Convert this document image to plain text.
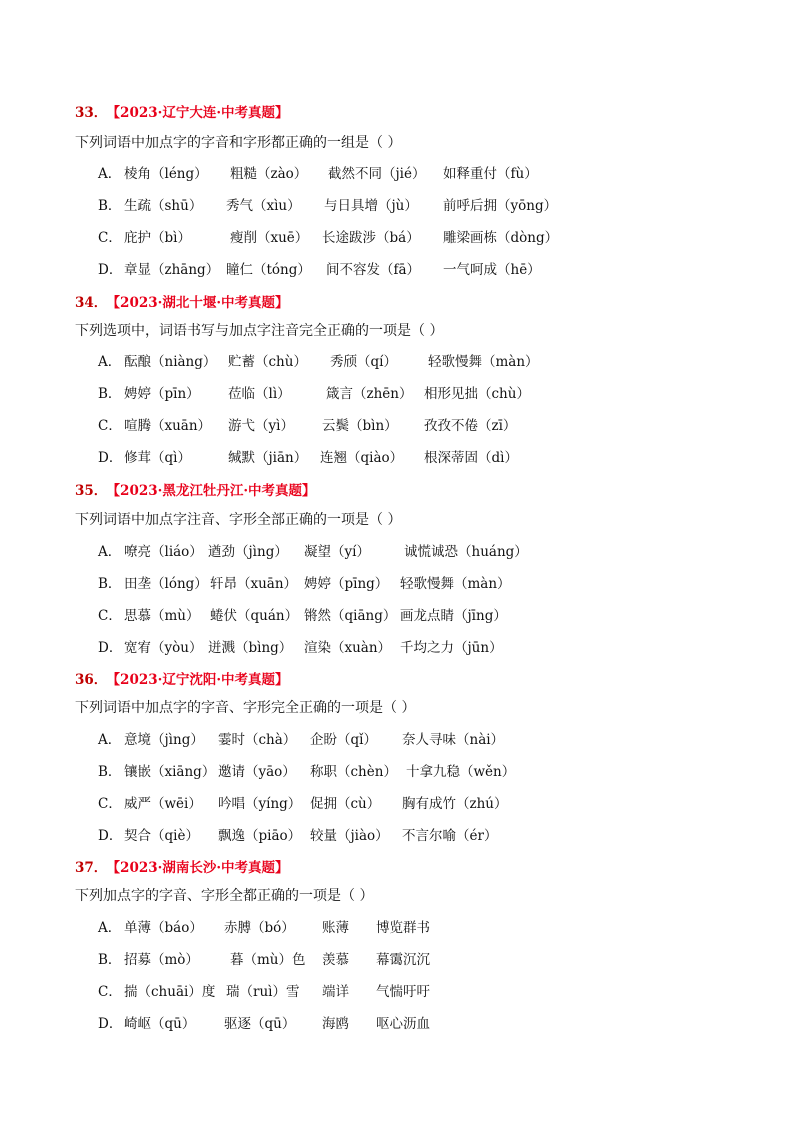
33． 【2023·辽宁大连·中考真题】
下列词语中加点字的字音和字形都正确的一组是（ ）
A． 棱角（léng） 粗糙（zào） 截然不同（jié） 如释重付（fù）
B． 生疏（shū） 秀气（xìu） 与日具增（jù） 前呼后拥（yōng）
C． 庇护（bì）	瘦削（xuē） 长途跋涉（bá） 雕梁画栋（dòng）
D． 章显（zhāng） 瞳仁（tóng） 间不容发（fā） 一气呵成（hē）
34． 【2023·湖北十堰·中考真题】
下列选项中，词语书写与加点字注音完全正确的一项是（ ）
A． 酝酿（niàng） 贮蓄（chù） 秀颀（qí） 轻歌慢舞（màn）
B． 娉婷（pīn） 莅临（lì）	箴言（zhēn） 相形见拙（chù）
C． 喧腾（xuān） 游弋（yì） 云鬓（bìn） 孜孜不倦（zī）
D． 修茸（qì）	缄默（jiān） 连翘（qiào） 根深蒂固（dì）
35． 【2023·黑龙江牡丹江·中考真题】
下列词语中加点字注音、字形全部正确的一项是（ ）
A． 嘹亮（liáo） 遒劲（jìng） 凝望（yí）	诚慌诚恐（huáng）
B． 田垄（lóng） 轩昂（xuān） 娉婷（pīng） 轻歌慢舞（màn）
C． 思慕（mù） 蜷伏（quán） 锵然（qiāng） 画龙点睛（jīng）
D． 宽宥（yòu） 迸溅（bìng） 渲染（xuàn） 千均之力（jūn）
36． 【2023·辽宁沈阳·中考真题】
下列词语中加点字的字音、字形完全正确的一项是（ ）
A． 意境（jìng） 霎时（chà） 企盼（qǐ） 奈人寻味（nài）
B． 镶嵌（xiāng） 邀请（yāo） 称职（chèn） 十拿九稳（wěn）
C． 威严（wēi） 吟唱（yíng） 促拥（cù） 胸有成竹（zhú）
D． 契合（qiè） 飘逸（piāo） 较量（jiào） 不言尔喻（ér）
37． 【2023·湖南长沙·中考真题】
下列加点字的字音、字形全都正确的一项是（ ）
A． 单薄（báo） 赤膊（bó） 账薄 博览群书
B． 招募（mò） 暮（mù）色 羡慕 幕霭沉沉
C． 揣（chuāi）度 瑞（ruì）雪 端详 气惴吁吁
D． 崎岖（qū） 驱逐（qū） 海鸥 呕心沥血
